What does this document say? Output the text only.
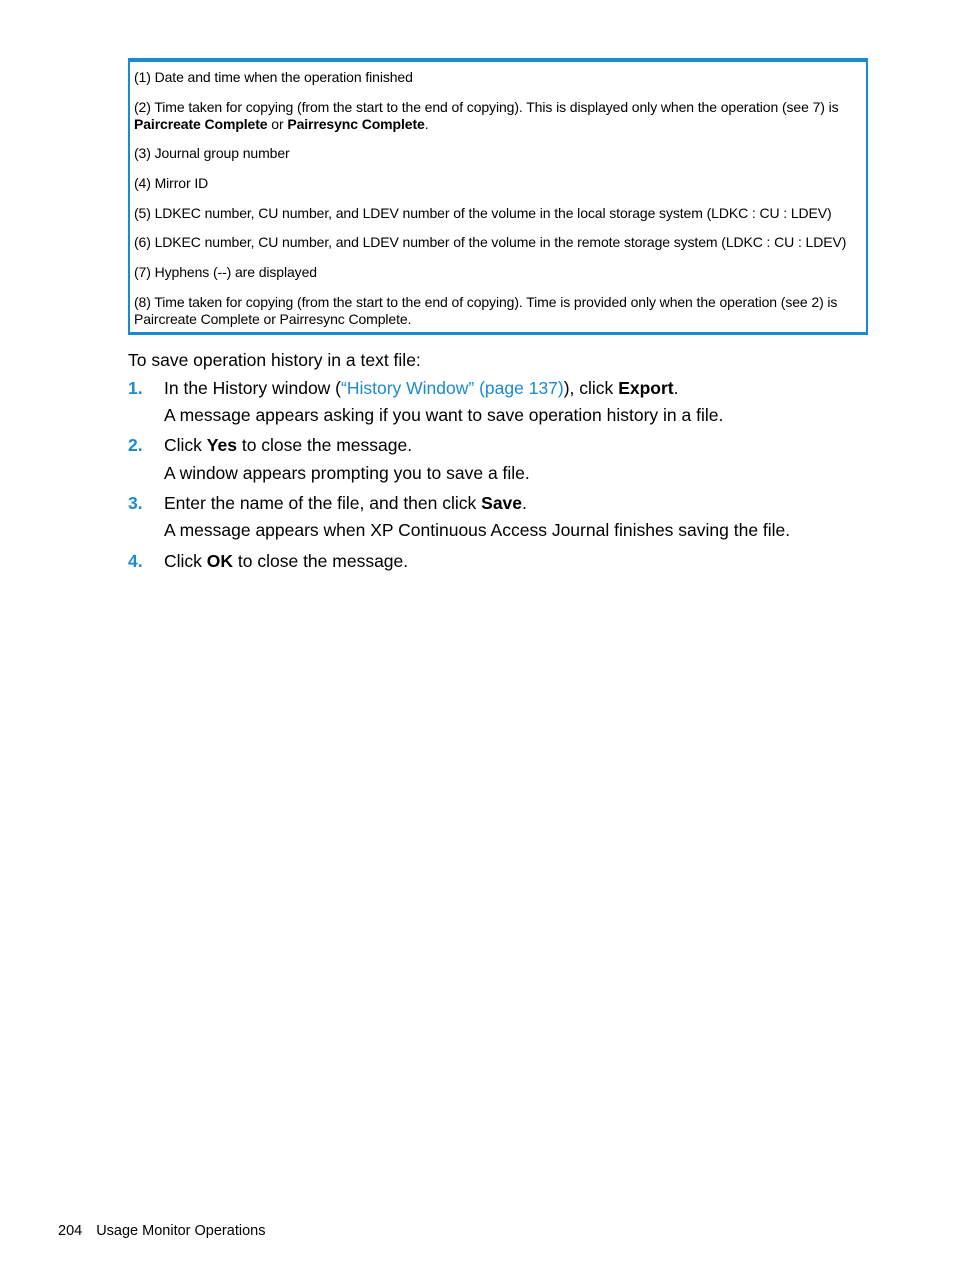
(1) Date and time when the operation finished
(2) Time taken for copying (from the start to the end of copying). This is displayed only when the operation (see 7) is
Paircreate Complete or Pairresync Complete.
(3) Journal group number
(4) Mirror ID
(5) LDKEC number, CU number, and LDEV number of the volume in the local storage system (LDKC : CU : LDEV)
(6) LDKEC number, CU number, and LDEV number of the volume in the remote storage system (LDKC : CU : LDEV)
(7) Hyphens (--) are displayed
(8) Time taken for copying (from the start to the end of copying). Time is provided only when the operation (see 2) is
Paircreate Complete or Pairresync Complete.
To save operation history in a text file:
1. In the History window (“History Window” (page 137)), click Export.
A message appears asking if you want to save operation history in a file.
2. Click Yes to close the message.
A window appears prompting you to save a file.
3. Enter the name of the file, and then click Save.
A message appears when XP Continuous Access Journal finishes saving the file.
4. Click OK to close the message.
204 Usage Monitor Operations
